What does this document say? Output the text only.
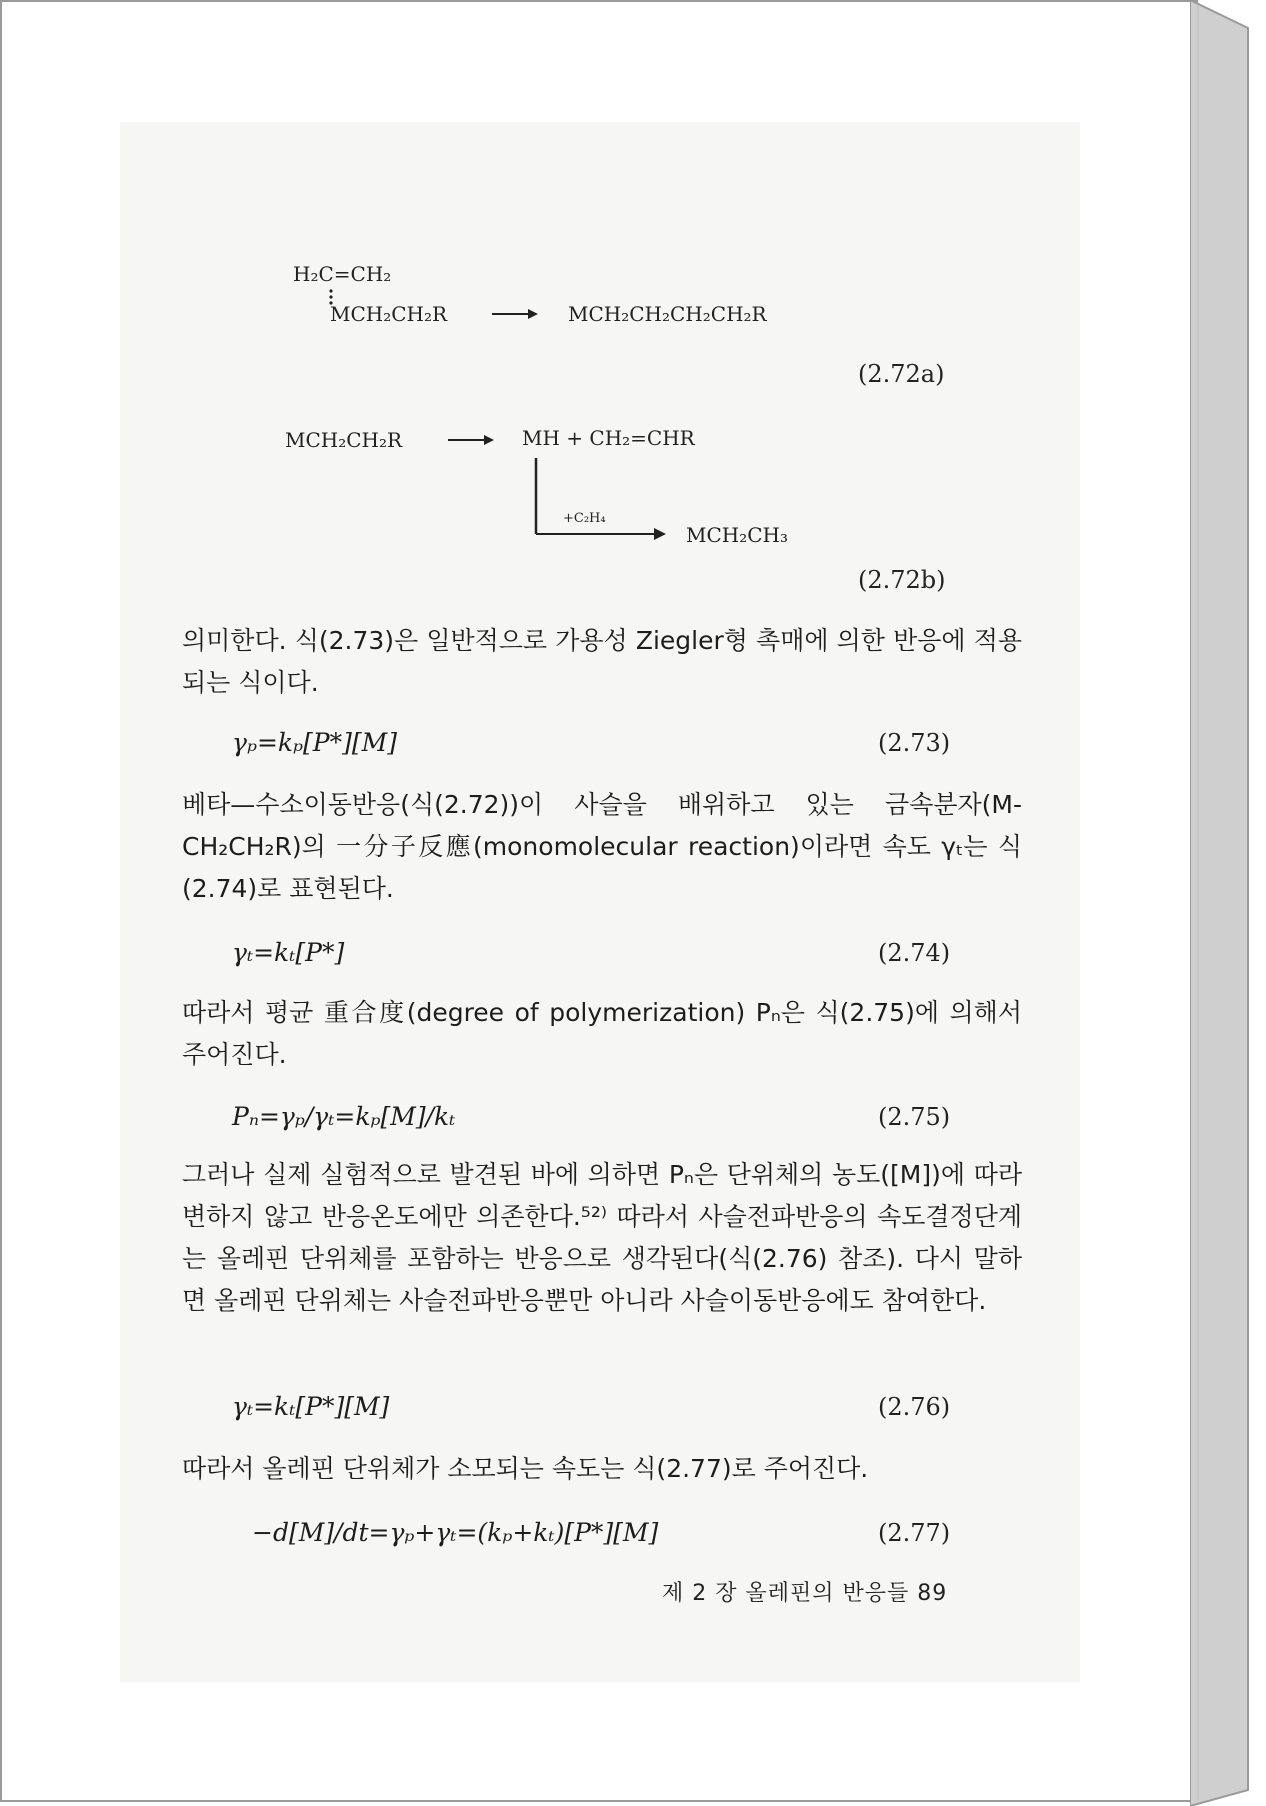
H₂C=CH₂
MCH₂CH₂R	MCH₂CH₂CH₂CH₂R
(2.72a)
MCH₂CH₂R	MH + CH₂=CHR
+C₂H₄
MCH₂CH₃
(2.72b)

의미한다. 식(2.73)은 일반적으로 가용성 Ziegler형 촉매에 의한 반응에 적용되는 식이다.

γₚ=kₚ[P*][M]	(2.73)

베타—수소이동반응(식(2.72))이 사슬을 배위하고 있는 금속분자(M-CH₂CH₂R)의 一分子反應(monomolecular reaction)이라면 속도 γₜ는 식(2.74)로 표현된다.

γₜ=kₜ[P*]	(2.74)

따라서 평균 重合度(degree of polymerization) Pₙ은 식(2.75)에 의해서 주어진다.

Pₙ=γₚ/γₜ=kₚ[M]/kₜ	(2.75)

그러나 실제 실험적으로 발견된 바에 의하면 Pₙ은 단위체의 농도([M])에 따라 변하지 않고 반응온도에만 의존한다.⁵²⁾ 따라서 사슬전파반응의 속도결정단계는 올레핀 단위체를 포함하는 반응으로 생각된다(식(2.76) 참조). 다시 말하면 올레핀 단위체는 사슬전파반응뿐만 아니라 사슬이동반응에도 참여한다.

γₜ=kₜ[P*][M]	(2.76)

따라서 올레핀 단위체가 소모되는 속도는 식(2.77)로 주어진다.

−d[M]/dt=γₚ+γₜ=(kₚ+kₜ)[P*][M]	(2.77)
제 2 장 올레핀의 반응들 89
